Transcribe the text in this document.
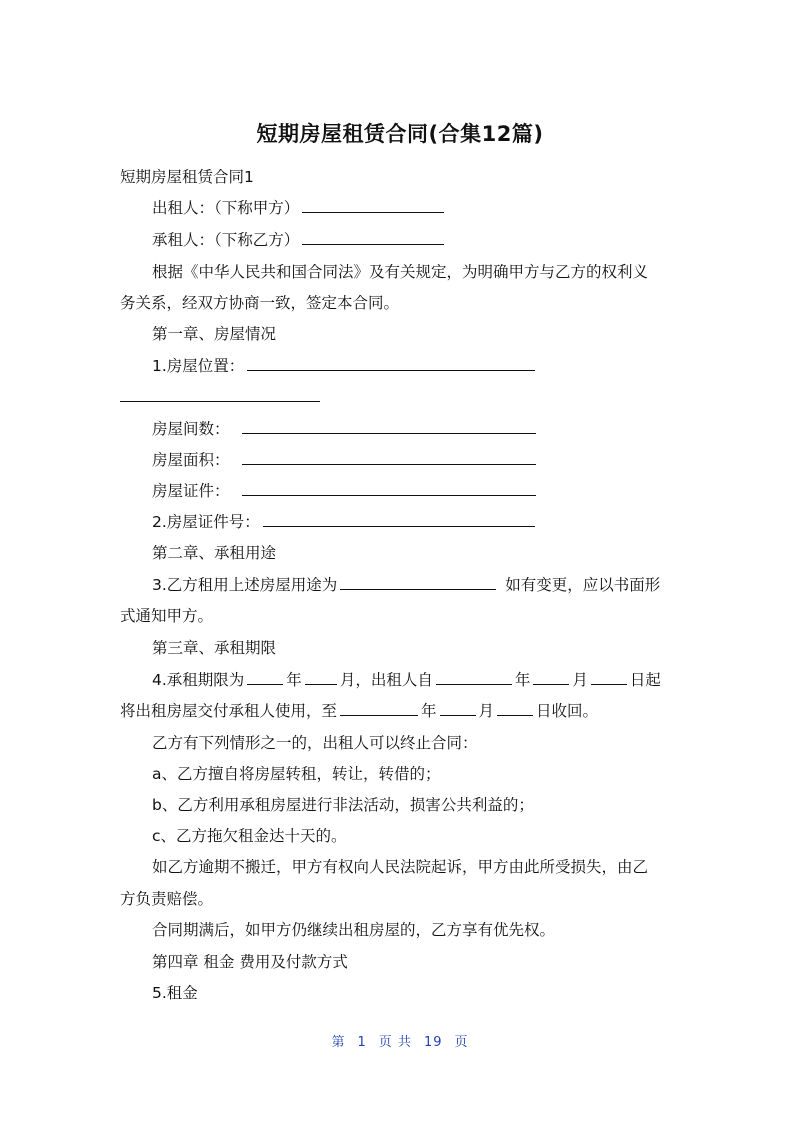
短期房屋租赁合同(合集12篇)
短期房屋租赁合同1
出租人：（下称甲方）
承租人：（下称乙方）
根据《中华人民共和国合同法》及有关规定，为明确甲方与乙方的权利义
务关系，经双方协商一致，签定本合同。
第一章、房屋情况
1.房屋位置：
房屋间数：
房屋面积：
房屋证件：
2.房屋证件号：
第二章、承租用途
3.乙方租用上述房屋用途为	如有变更，应以书面形
式通知甲方。
第三章、承租期限
4.承租期限为	年 月，出租人自	年	月	日起
将出租房屋交付承租人使用，至	年	月	日收回。
乙方有下列情形之一的，出租人可以终止合同：
a、乙方擅自将房屋转租，转让，转借的；
b、乙方利用承租房屋进行非法活动，损害公共利益的；
c、乙方拖欠租金达十天的。
如乙方逾期不搬迁，甲方有权向人民法院起诉，甲方由此所受损失，由乙
方负责赔偿。
合同期满后，如甲方仍继续出租房屋的，乙方享有优先权。
第四章 租金 费用及付款方式
5.租金
第 1 页 共 19 页
